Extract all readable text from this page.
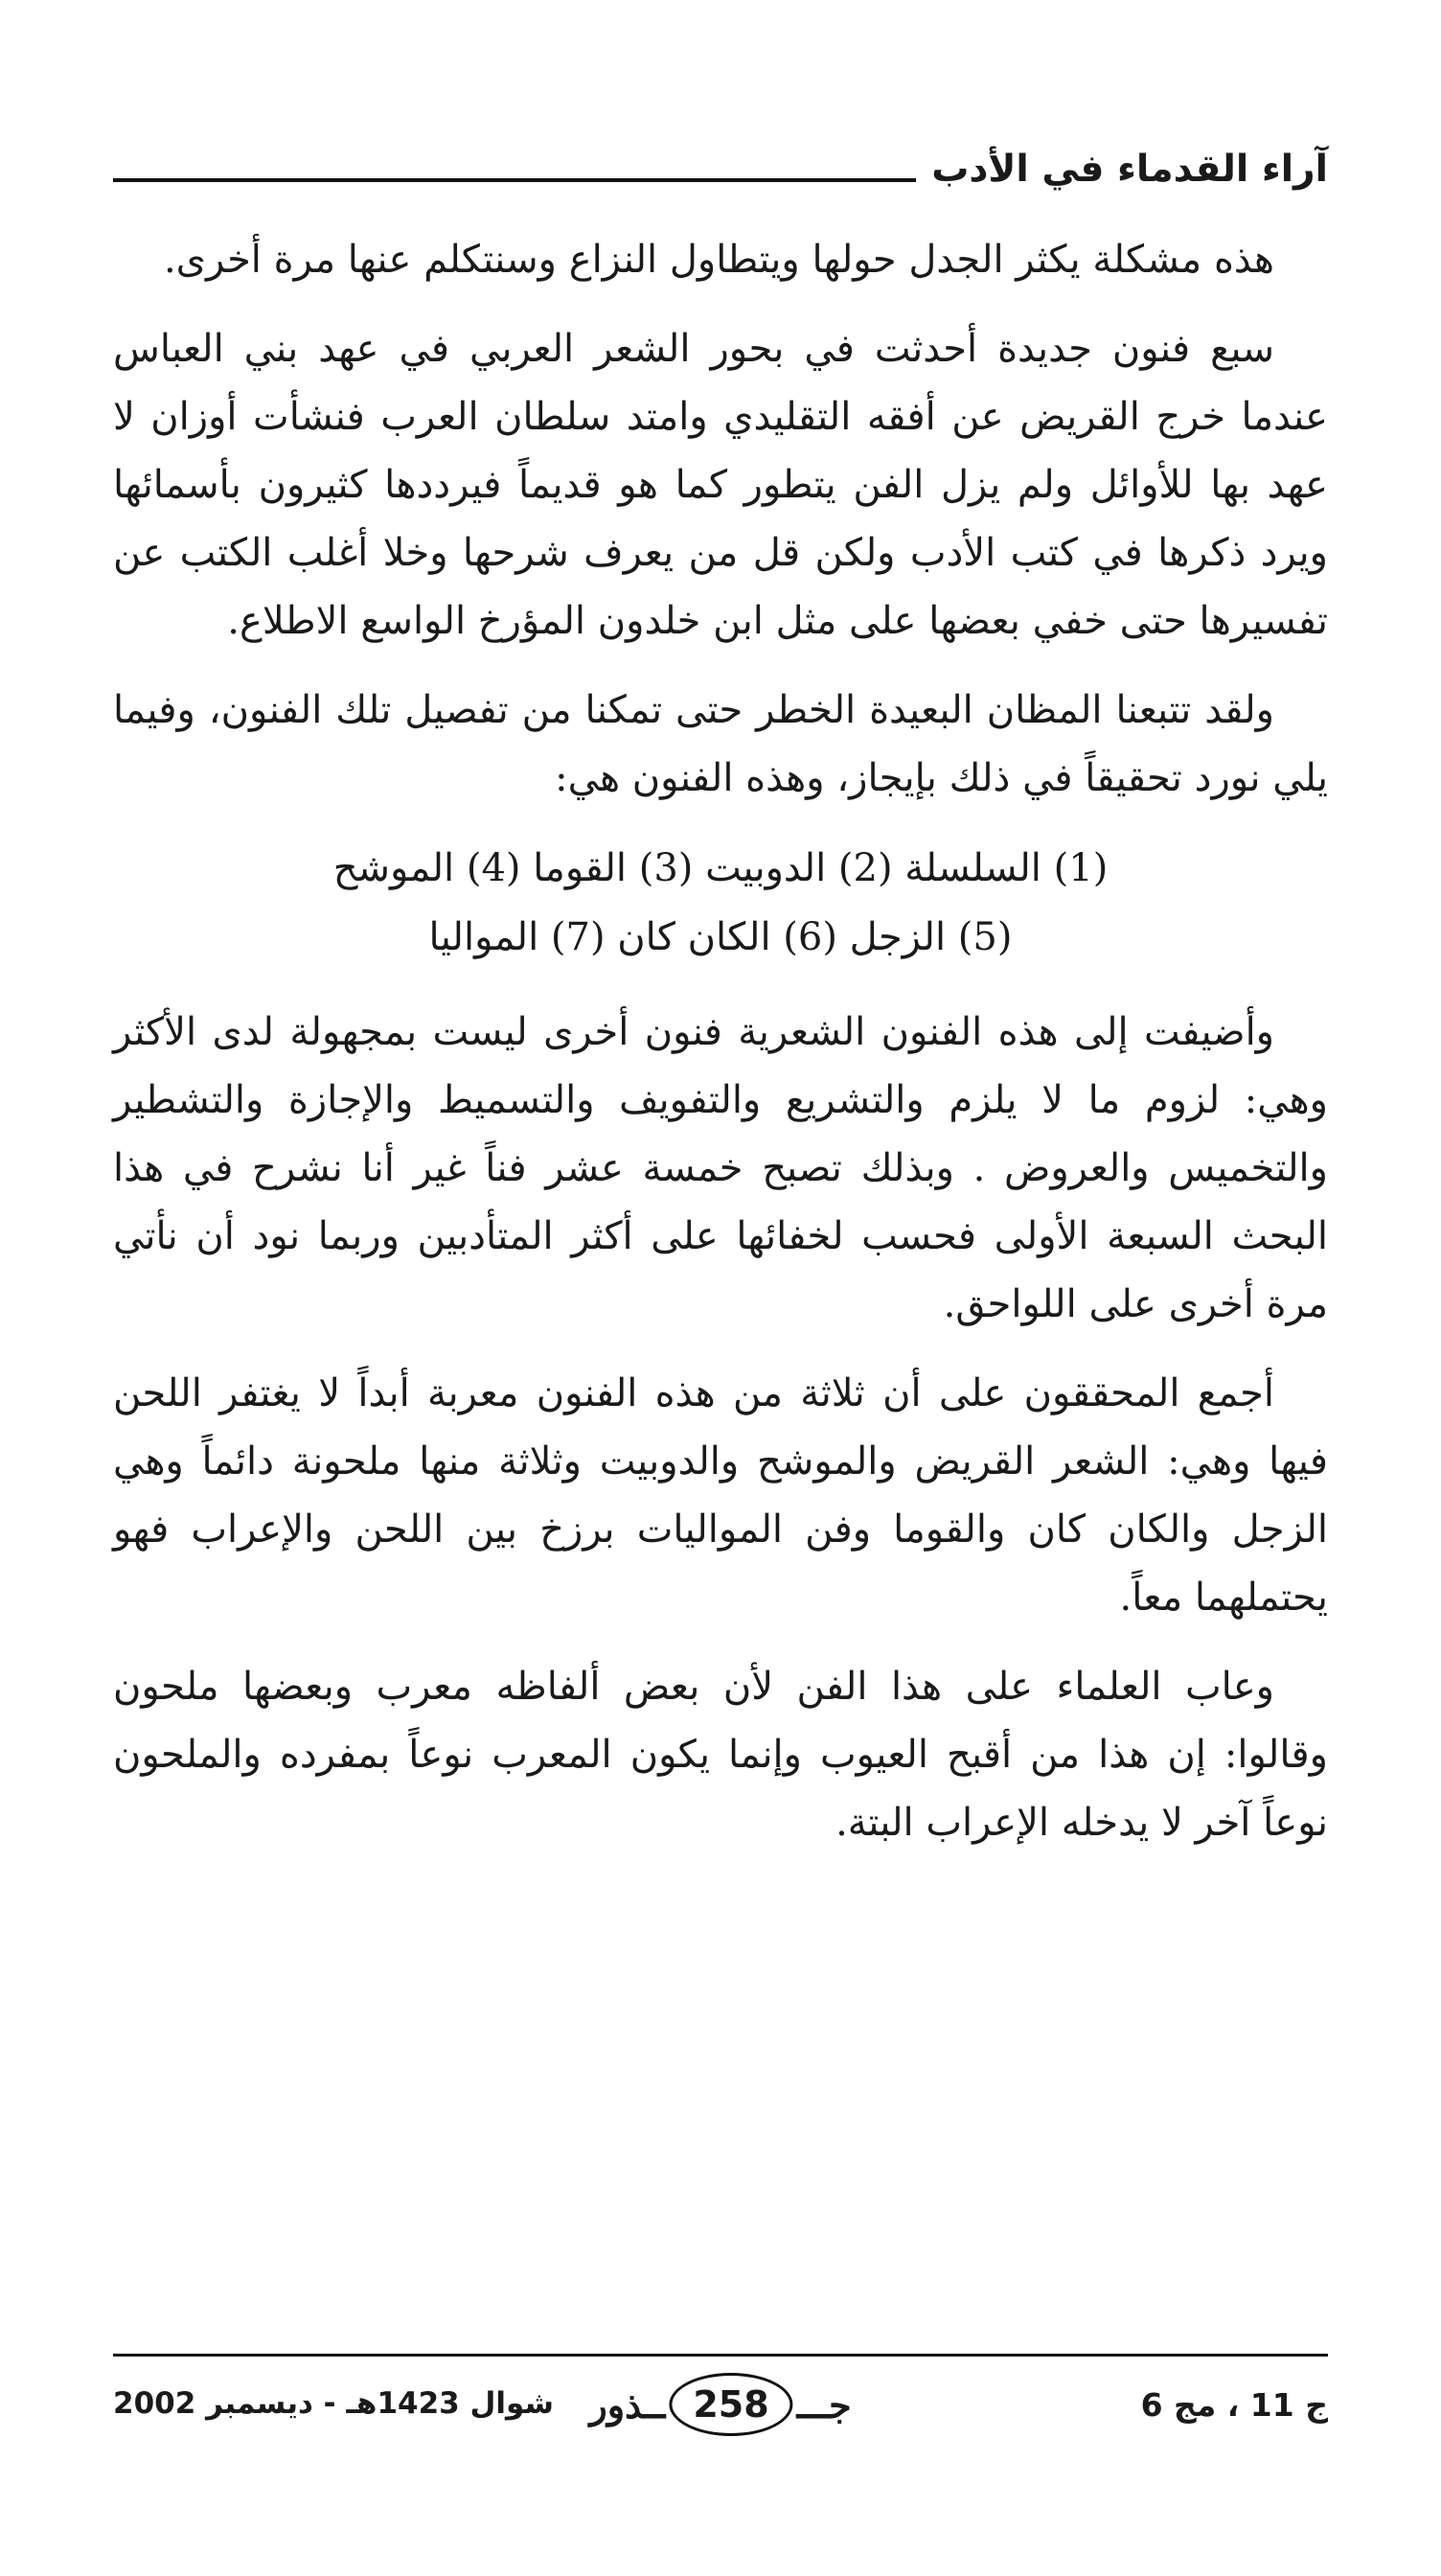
آراء القدماء في الأدب

هذه مشكلة يكثر الجدل حولها ويتطاول النزاع وسنتكلم عنها مرة أخرى.

سبع فنون جديدة أحدثت في بحور الشعر العربي في عهد بني العباس عندما خرج القريض عن أفقه التقليدي وامتد سلطان العرب فنشأت أوزان لا عهد بها للأوائل ولم يزل الفن يتطور كما هو قديماً فيرددها كثيرون بأسمائها ويرد ذكرها في كتب الأدب ولكن قل من يعرف شرحها وخلا أغلب الكتب عن تفسيرها حتى خفي بعضها على مثل ابن خلدون المؤرخ الواسع الاطلاع.

ولقد تتبعنا المظان البعيدة الخطر حتى تمكنا من تفصيل تلك الفنون، وفيما يلي نورد تحقيقاً في ذلك بإيجاز، وهذه الفنون هي:

(1) السلسلة (2) الدوبيت (3) القوما (4) الموشح

(5) الزجل (6) الكان كان (7) المواليا

وأضيفت إلى هذه الفنون الشعرية فنون أخرى ليست بمجهولة لدى الأكثر وهي: لزوم ما لا يلزم والتشريع والتفويف والتسميط والإجازة والتشطير والتخميس والعروض . وبذلك تصبح خمسة عشر فناً غير أنا نشرح في هذا البحث السبعة الأولى فحسب لخفائها على أكثر المتأدبين وربما نود أن نأتي مرة أخرى على اللواحق.

أجمع المحققون على أن ثلاثة من هذه الفنون معربة أبداً لا يغتفر اللحن فيها وهي: الشعر القريض والموشح والدوبيت وثلاثة منها ملحونة دائماً وهي الزجل والكان كان والقوما وفن المواليات برزخ بين اللحن والإعراب فهو يحتملهما معاً.

وعاب العلماء على هذا الفن لأن بعض ألفاظه معرب وبعضها ملحون وقالوا: إن هذا من أقبح العيوب وإنما يكون المعرب نوعاً بمفرده والملحون نوعاً آخر لا يدخله الإعراب البتة.

ج 11 ، مج 6
جـــ
258
ــذور
شوال 1423هـ - ديسمبر 2002
